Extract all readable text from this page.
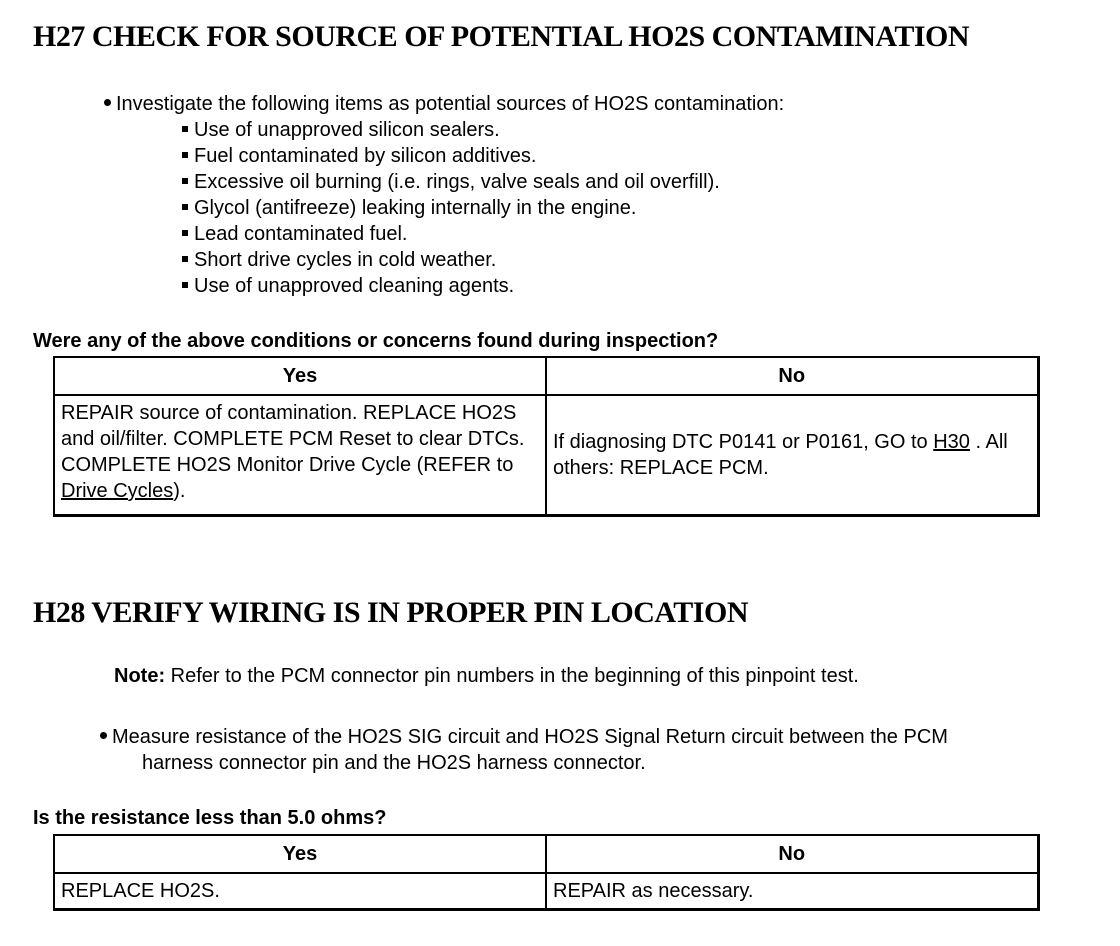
H27 CHECK FOR SOURCE OF POTENTIAL HO2S CONTAMINATION
Investigate the following items as potential sources of HO2S contamination:
Use of unapproved silicon sealers.
Fuel contaminated by silicon additives.
Excessive oil burning (i.e. rings, valve seals and oil overfill).
Glycol (antifreeze) leaking internally in the engine.
Lead contaminated fuel.
Short drive cycles in cold weather.
Use of unapproved cleaning agents.
Were any of the above conditions or concerns found during inspection?
Yes	No
REPAIR source of contamination. REPLACE HO2S and oil/filter. COMPLETE PCM Reset to clear DTCs. COMPLETE HO2S Monitor Drive Cycle (REFER to Drive Cycles).	If diagnosing DTC P0141 or P0161, GO to H30 . All others: REPLACE PCM.
H28 VERIFY WIRING IS IN PROPER PIN LOCATION
Note: Refer to the PCM connector pin numbers in the beginning of this pinpoint test.
Measure resistance of the HO2S SIG circuit and HO2S Signal Return circuit between the PCM
harness connector pin and the HO2S harness connector.
Is the resistance less than 5.0 ohms?
Yes	No
REPLACE HO2S.	REPAIR as necessary.
